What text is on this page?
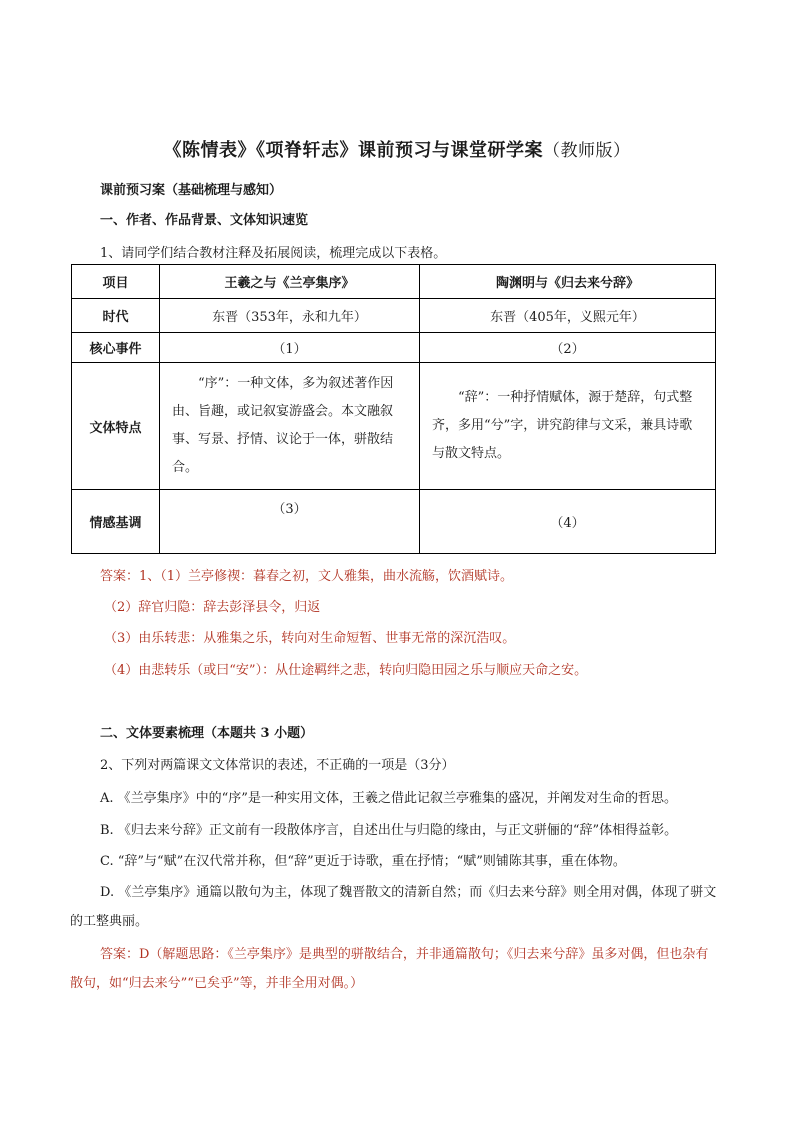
《陈情表》《项脊轩志》课前预习与课堂研学案（教师版）
课前预习案（基础梳理与感知）
一、作者、作品背景、文体知识速览
1、请同学们结合教材注释及拓展阅读，梳理完成以下表格。
项目	王羲之与《兰亭集序》	陶渊明与《归去来兮辞》
时代	东晋（353年，永和九年）	东晋（405年，义熙元年）
核心事件	（1）	（2）
文体特点	“序”：一种文体，多为叙述著作因由、旨趣，或记叙宴游盛会。本文融叙事、写景、抒情、议论于一体，骈散结合。	“辞”：一种抒情赋体，源于楚辞，句式整齐，多用“兮”字，讲究韵律与文采，兼具诗歌与散文特点。
情感基调	（3）	（4）
答案：1、（1）兰亭修禊：暮春之初，文人雅集，曲水流觞，饮酒赋诗。
（2）辞官归隐：辞去彭泽县令，归返
（3）由乐转悲：从雅集之乐，转向对生命短暂、世事无常的深沉浩叹。
（4）由悲转乐（或曰“安”）：从仕途羁绊之悲，转向归隐田园之乐与顺应天命之安。
二、文体要素梳理（本题共 3 小题）
2、下列对两篇课文文体常识的表述，不正确的一项是（3分）
A. 《兰亭集序》中的“序”是一种实用文体，王羲之借此记叙兰亭雅集的盛况，并阐发对生命的哲思。
B. 《归去来兮辞》正文前有一段散体序言，自述出仕与归隐的缘由，与正文骈俪的“辞”体相得益彰。
C. “辞”与“赋”在汉代常并称，但“辞”更近于诗歌，重在抒情；“赋”则铺陈其事，重在体物。
D. 《兰亭集序》通篇以散句为主，体现了魏晋散文的清新自然；而《归去来兮辞》则全用对偶，体现了骈文的工整典丽。
答案：D（解题思路：《兰亭集序》是典型的骈散结合，并非通篇散句；《归去来兮辞》虽多对偶，但也杂有散句，如“归去来兮”“已矣乎”等，并非全用对偶。）
